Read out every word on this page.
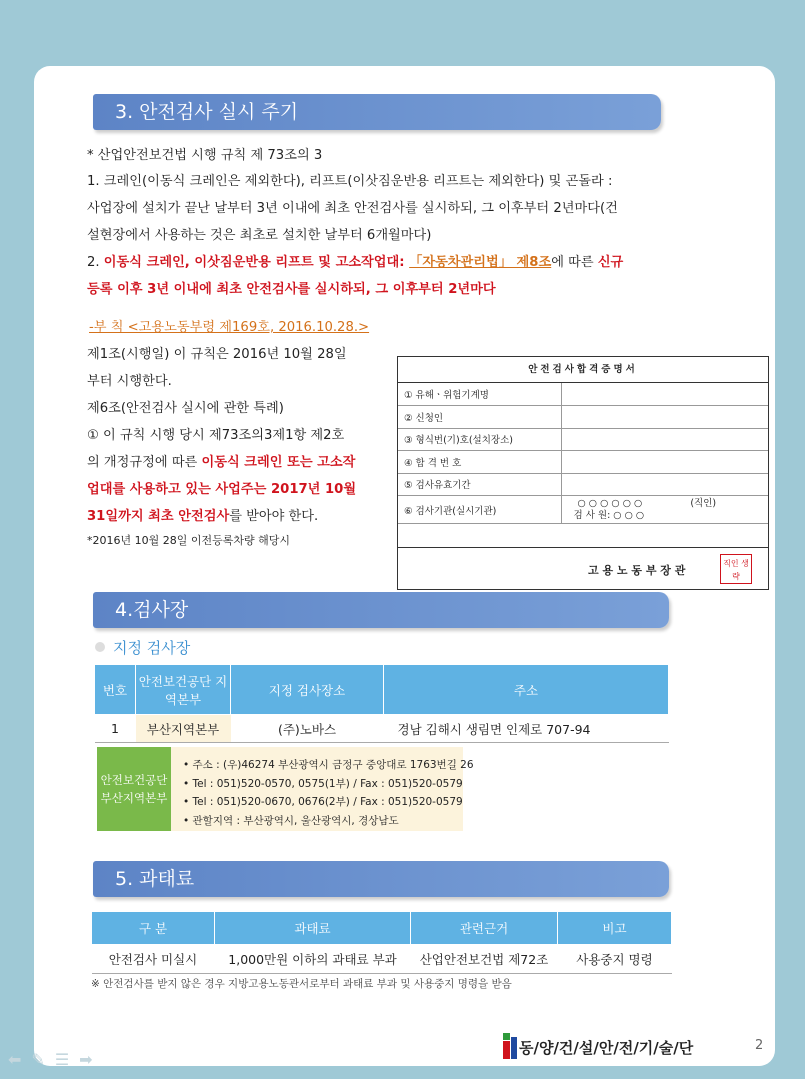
3. 안전검사 실시 주기
* 산업안전보건법 시행 규칙 제 73조의 3
1. 크레인(이동식 크레인은 제외한다), 리프트(이삿짐운반용 리프트는 제외한다) 및 곤돌라 :
사업장에 설치가 끝난 날부터 3년 이내에 최초 안전검사를 실시하되, 그 이후부터 2년마다(건
설현장에서 사용하는 것은 최초로 설치한 날부터 6개월마다)
2. 이동식 크레인, 이삿짐운반용 리프트 및 고소작업대: 「자동차관리법」 제8조에 따른 신규
등록 이후 3년 이내에 최초 안전검사를 실시하되, 그 이후부터 2년마다
-부 칙 <고용노동부령 제169호, 2016.10.28.>
제1조(시행일) 이 규칙은 2016년 10월 28일
부터 시행한다.
제6조(안전검사 실시에 관한 특례)
① 이 규칙 시행 당시 제73조의3제1항 제2호
의 개정규정에 따른 이동식 크레인 또는 고소작
업대를 사용하고 있는 사업주는 2017년 10월
31일까지 최초 안전검사를 받아야 한다.
*2016년 10월 28일 이전등록차량 해당시
안전검사합격증명서
① 유해ㆍ위험기계명	
② 신청인	
③ 형식번(기)호(설치장소)	
④ 합 격 번 호	
⑤ 검사유효기간	
⑥ 검사기관(실시기관)	○ ○ ○ ○ ○ ○ (직인)
검 사 원: ○ ○ ○
고 용 노 동 부 장 관
직인 생략
4.검사장
지정 검사장
번호	안전보건공단 지역본부	지정 검사장소	주소
1	부산지역본부	(주)노바스	경남 김해시 생림면 인제로 707-94
안전보건공단 부산지역본부
• 주소 : (우)46274 부산광역시 금정구 중앙대로 1763번길 26
• Tel : 051)520-0570, 0575(1부) / Fax : 051)520-0579
• Tel : 051)520-0670, 0676(2부) / Fax : 051)520-0579
• 관할지역 : 부산광역시, 울산광역시, 경상남도
5. 과태료
구 분	과태료	관련근거	비고
안전검사 미실시	1,000만원 이하의 과태료 부과	산업안전보건법 제72조	사용중지 명령
※ 안전검사를 받지 않은 경우 지방고용노동관서로부터 과태료 부과 및 사용중지 명령을 받음
동/양/건/설/안/전/기/술/단	2
⬅✎☰➡
